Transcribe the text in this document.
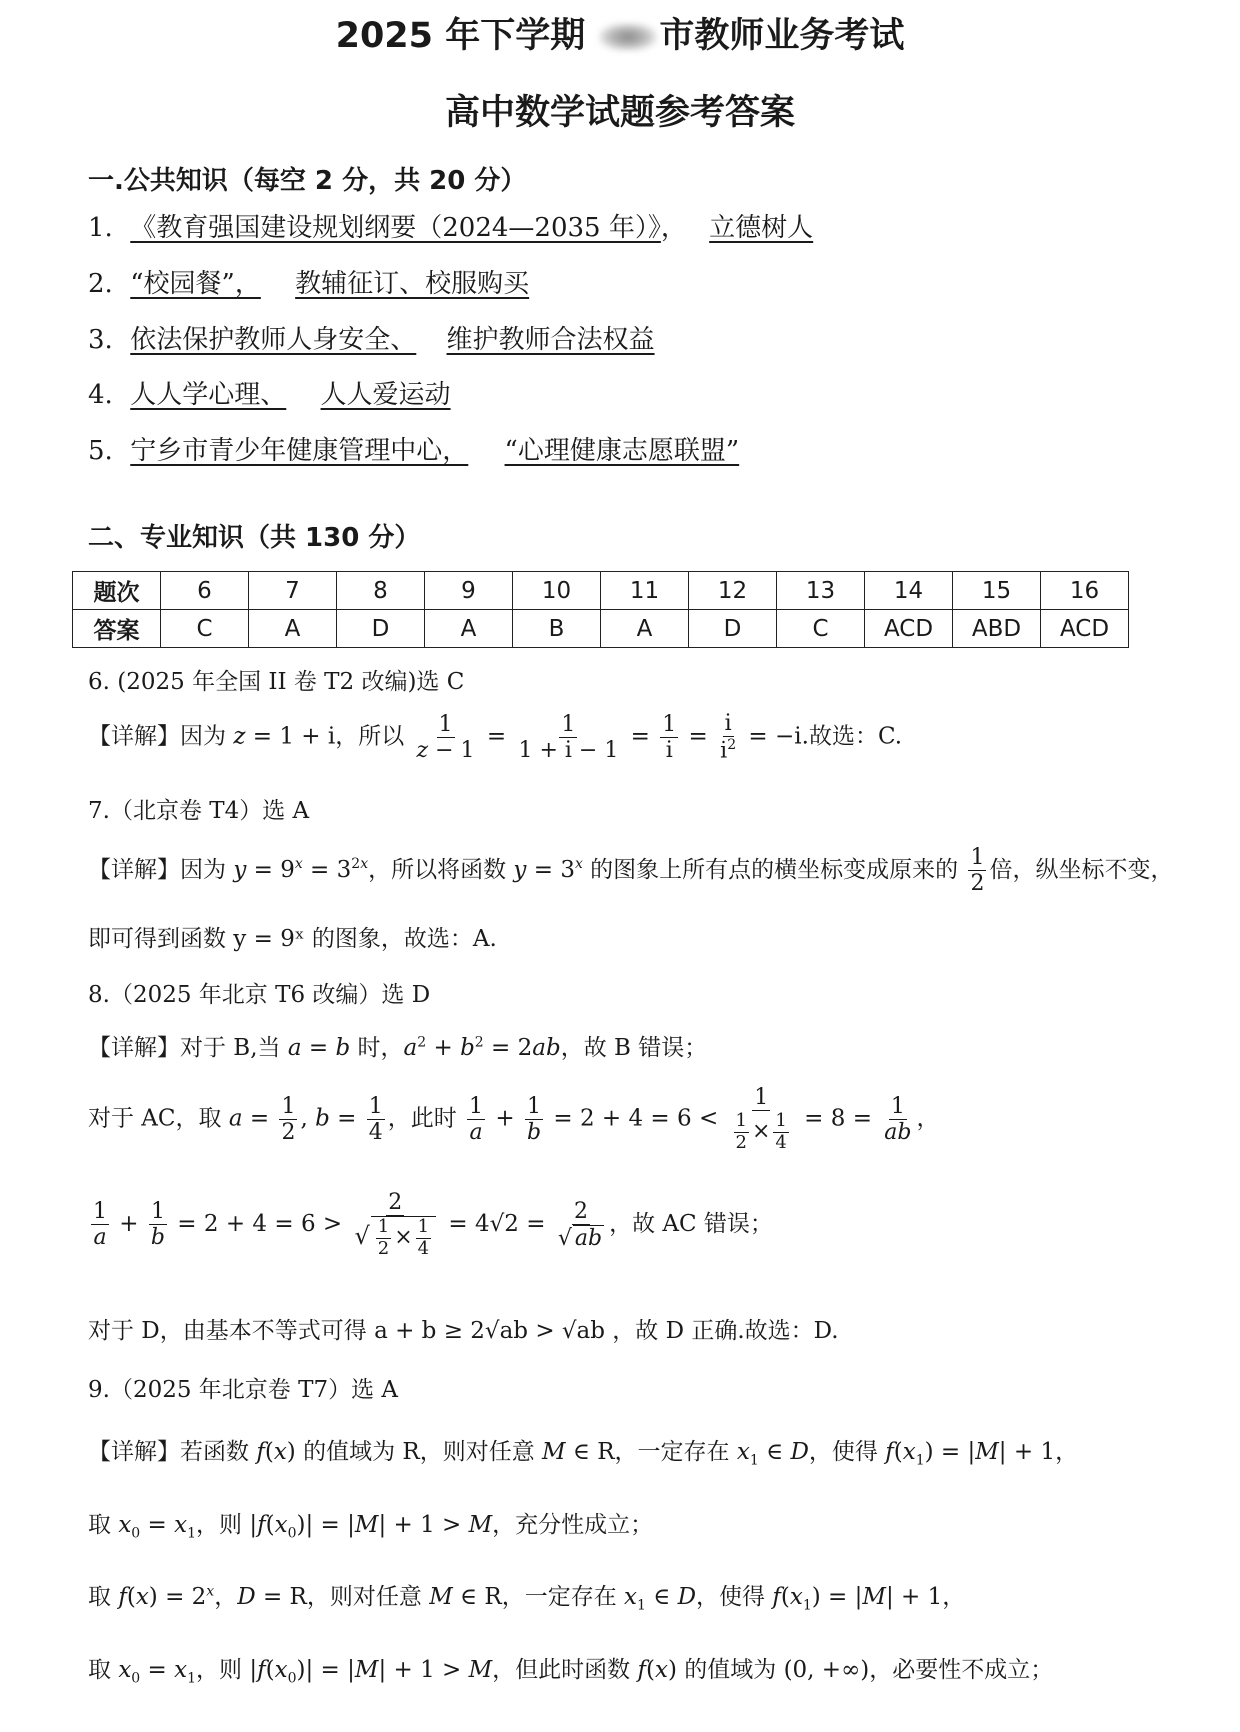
2025 年下学期 市教师业务考试
高中数学试题参考答案
一.公共知识（每空 2 分，共 20 分）
1. 《教育强国建设规划纲要（2024—2035 年）》， 立德树人
2. “校园餐”， 教辅征订、校服购买
3. 依法保护教师人身安全、 维护教师合法权益
4. 人人学心理、 人人爱运动
5. 宁乡市青少年健康管理中心， “心理健康志愿联盟”
二、专业知识（共 130 分）
题次	6	7	8	9	10	11	12	13	14	15	16
答案	C	A	D	A	B	A	D	C	ACD	ABD	ACD
6. (2025 年全国 II 卷 T2 改编)选 C
【详解】因为 z = 1 + i，所以 $\frac{1}{z - 1} = \frac{1}{1 + i - 1} = \frac{1}{i} = \frac{i}{i^2} = -i$.故选：C.
7.（北京卷 T4）选 A
【详解】因为 $y = 9^x = 3^{2x}$，所以将函数 $y = 3^x$ 的图象上所有点的横坐标变成原来的 $\frac{1}{2}$ 倍，纵坐标不变，
即可得到函数 y = 9ˣ 的图象，故选：A.
8.（2025 年北京 T6 改编）选 D
【详解】对于 B,当 a = b 时，$a^2 + b^2 = 2ab$，故 B 错误；
对于 AC，取 $a = \frac{1}{2}$ , $b = \frac{1}{4}$ ，此时 $\frac{1}{a} + \frac{1}{b} = 2 + 4 = 6 < \frac{1}{\frac{1}{2} \times \frac{1}{4}} = 8 = \frac{1}{ab}$ ，
$\frac{1}{a} + \frac{1}{b} = 2 + 4 = 6 > \frac{2}{√ \frac{1}{2} \times \frac{1}{4}} = 4√2 = \frac{2}{√ ab}$ ，故 AC 错误；
对于 D，由基本不等式可得 a + b ≥ 2√ab > √ab ，故 D 正确.故选：D.
9.（2025 年北京卷 T7）选 A
【详解】若函数 f(x) 的值域为 R，则对任意 M ∈ R，一定存在 $x_1$ ∈ D，使得 $f(x_1) = |M| + 1$，
取 $x_0 = x_1$，则 $|f(x_0)| = |M| + 1 > M$，充分性成立；
取 $f(x) = 2^x$，D = R，则对任意 M ∈ R，一定存在 $x_1$ ∈ D，使得 $f(x_1) = |M| + 1$，
取 $x_0 = x_1$，则 $|f(x_0)| = |M| + 1 > M$，但此时函数 f(x) 的值域为 (0, +∞)，必要性不成立；
